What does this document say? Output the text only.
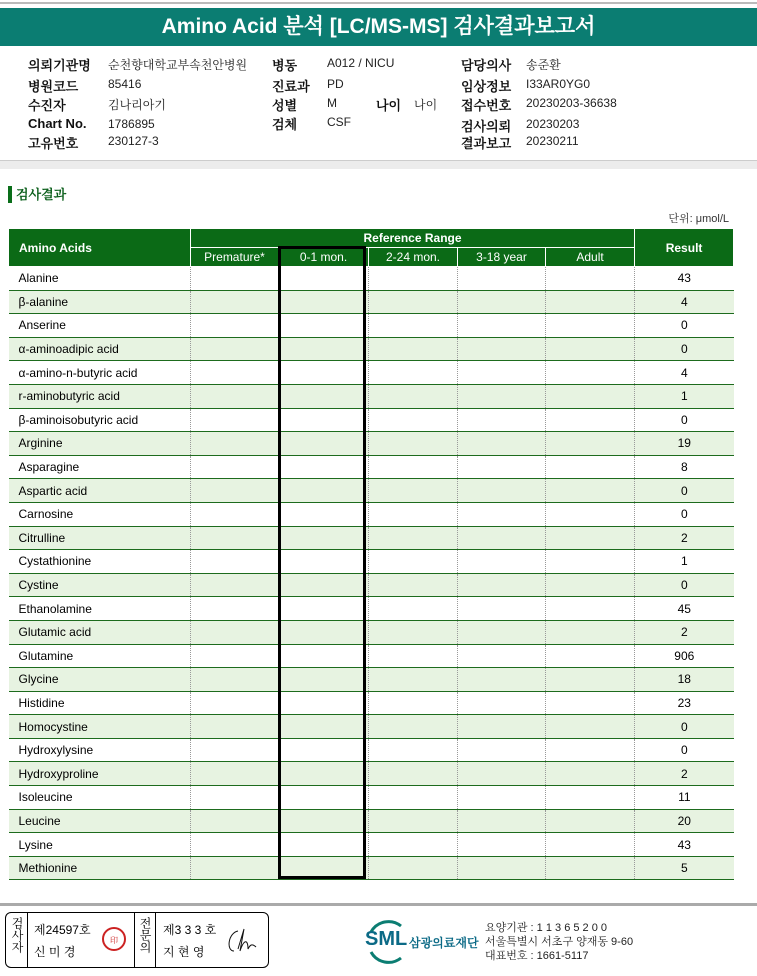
Amino Acid 분석 [LC/MS-MS] 검사결과보고서
의뢰기관명 순천향대학교부속천안병원
병원코드 85416
수진자	김나리아기
Chart No. 1786895
고유번호 230127-3
병동 A012 / NICU
진료과 PD
성별 M	나이 나이
검체 CSF
담당의사 송준환
임상정보 I33AR0YG0
접수번호 20230203-36638
검사의뢰 20230203
결과보고 20230211
검사결과
단위: μmol/L
Amino Acids	Reference Range					Result
	Premature*	0-1 mon.	2-24 mon.	3-18 year	Adult	
Alanine						43
β-alanine						4
Anserine						0
α-aminoadipic acid						0
α-amino-n-butyric acid						4
r-aminobutyric acid						1
β-aminoisobutyric acid						0
Arginine						19
Asparagine						8
Aspartic acid						0
Carnosine						0
Citrulline						2
Cystathionine						1
Cystine						0
Ethanolamine						45
Glutamic acid						2
Glutamine						906
Glycine						18
Histidine						23
Homocystine						0
Hydroxylysine						0
Hydroxyproline						2
Isoleucine						11
Leucine						20
Lysine						43
Methionine						5
검사자 제24597호
신 미 경
印	전문의 제3 3 3 호
지 현 영
SML 삼광의료재단
요양기관 : 1 1 3 6 5 2 0 0
서울특별시 서초구 양재동 9-60
대표번호 : 1661-5117
